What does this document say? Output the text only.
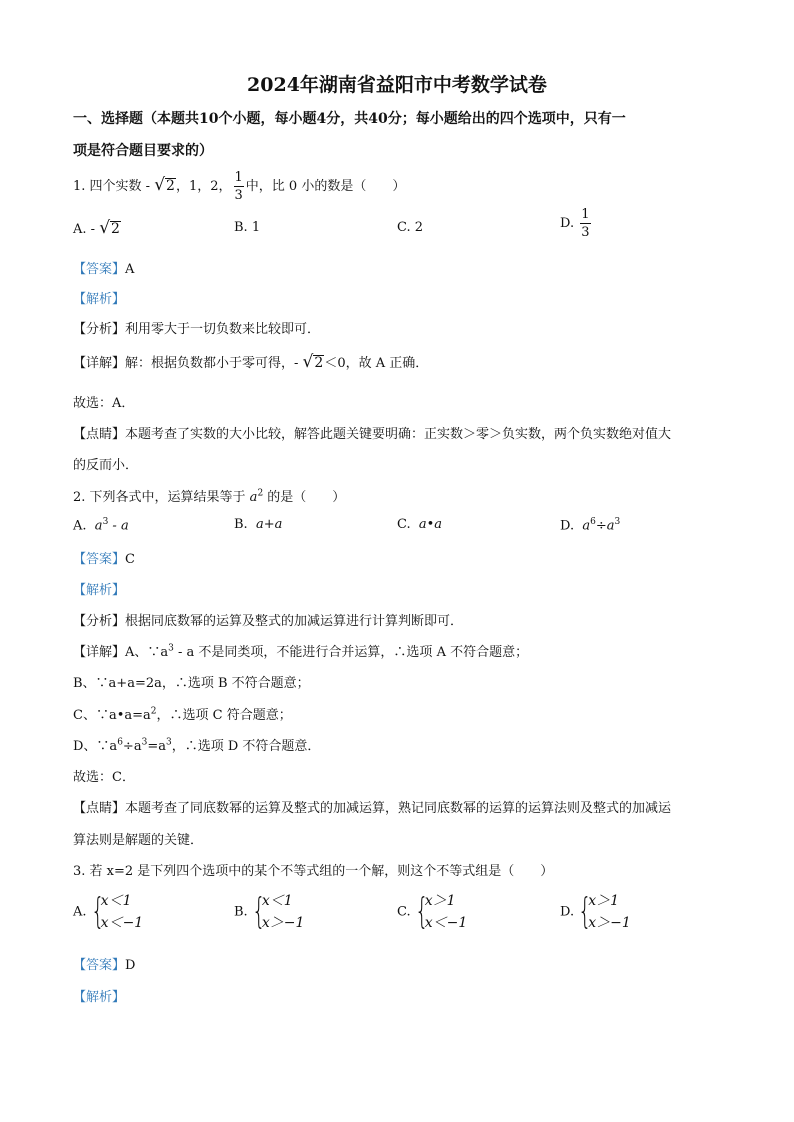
2024年湖南省益阳市中考数学试卷
一、选择题（本题共10个小题，每小题4分，共40分；每小题给出的四个选项中，只有一
项是符合题目要求的）
1. 四个实数 - √2，1，2， $\frac{1}{3}$ 中，比 0 小的数是（　　）
A. - √2	B. 1	C. 2	D. $\frac{1}{3}$
【答案】A
【解析】
【分析】利用零大于一切负数来比较即可．
【详解】解：根据负数都小于零可得，- √2＜0，故 A 正确．
故选：A．
【点睛】本题考查了实数的大小比较，解答此题关键要明确：正实数＞零＞负实数，两个负实数绝对值大
的反而小．
2. 下列各式中，运算结果等于 $a^2$ 的是（　　）
A. $a^3$ - a	B. a+a	C. a•a	D. $a^6\div a^3$
【答案】C
【解析】
【分析】根据同底数幂的运算及整式的加减运算进行计算判断即可．
【详解】A、$\because a^3$ - a 不是同类项，不能进行合并运算，∴选项 A 不符合题意；
B、∵a+a=2a，∴选项 B 不符合题意；
C、$\because a•a=a^2$，∴选项 C 符合题意；
D、$\because a^6\div a^3=a^3$，∴选项 D 不符合题意．
故选：C．
【点睛】本题考查了同底数幂的运算及整式的加减运算，熟记同底数幂的运算的运算法则及整式的加减运
算法则是解题的关键．
3. 若 x=2 是下列四个选项中的某个不等式组的一个解，则这个不等式组是（　　）
A. {
x＜1
x＜−1
B. {
x＜1
x＞−1
C. {
x＞1
x＜−1
D. {
x＞1
x＞−1
【答案】D
【解析】
